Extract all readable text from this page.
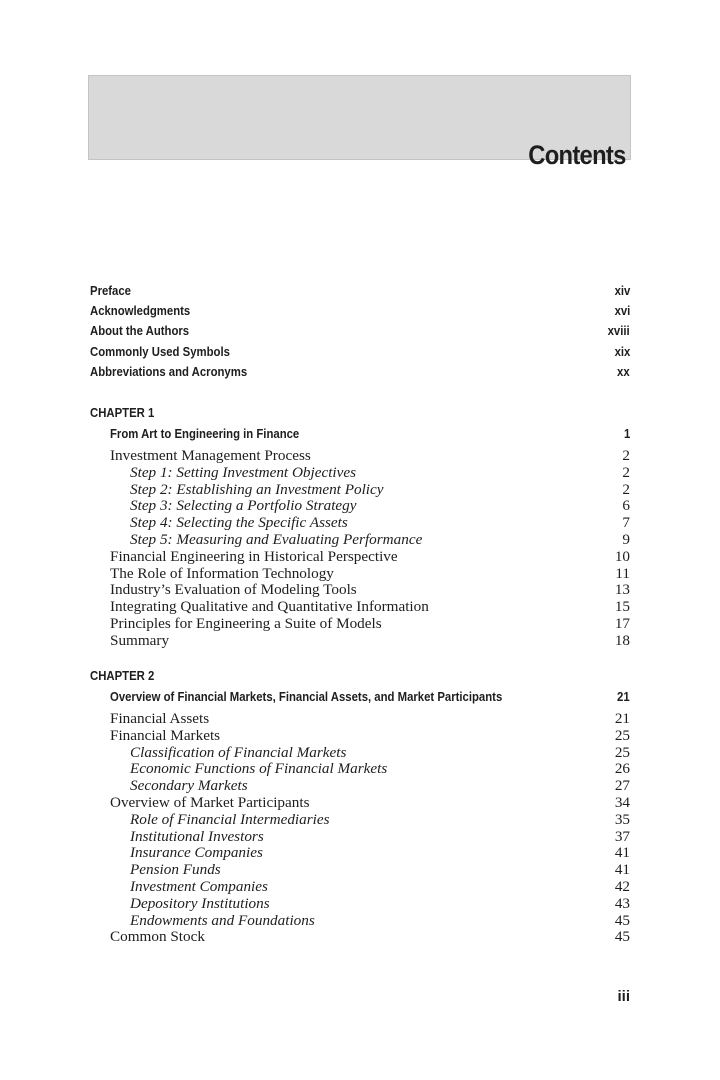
Contents
Preface	xiv
Acknowledgments	xvi
About the Authors	xviii
Commonly Used Symbols	xix
Abbreviations and Acronyms	xx
CHAPTER 1
From Art to Engineering in Finance	1
Investment Management Process	2
Step 1: Setting Investment Objectives	2
Step 2: Establishing an Investment Policy	2
Step 3: Selecting a Portfolio Strategy	6
Step 4: Selecting the Specific Assets	7
Step 5: Measuring and Evaluating Performance	9
Financial Engineering in Historical Perspective	10
The Role of Information Technology	11
Industry’s Evaluation of Modeling Tools	13
Integrating Qualitative and Quantitative Information	15
Principles for Engineering a Suite of Models	17
Summary	18
CHAPTER 2
Overview of Financial Markets, Financial Assets, and Market Participants	21
Financial Assets	21
Financial Markets	25
Classification of Financial Markets	25
Economic Functions of Financial Markets	26
Secondary Markets	27
Overview of Market Participants	34
Role of Financial Intermediaries	35
Institutional Investors	37
Insurance Companies	41
Pension Funds	41
Investment Companies	42
Depository Institutions	43
Endowments and Foundations	45
Common Stock	45
iii
